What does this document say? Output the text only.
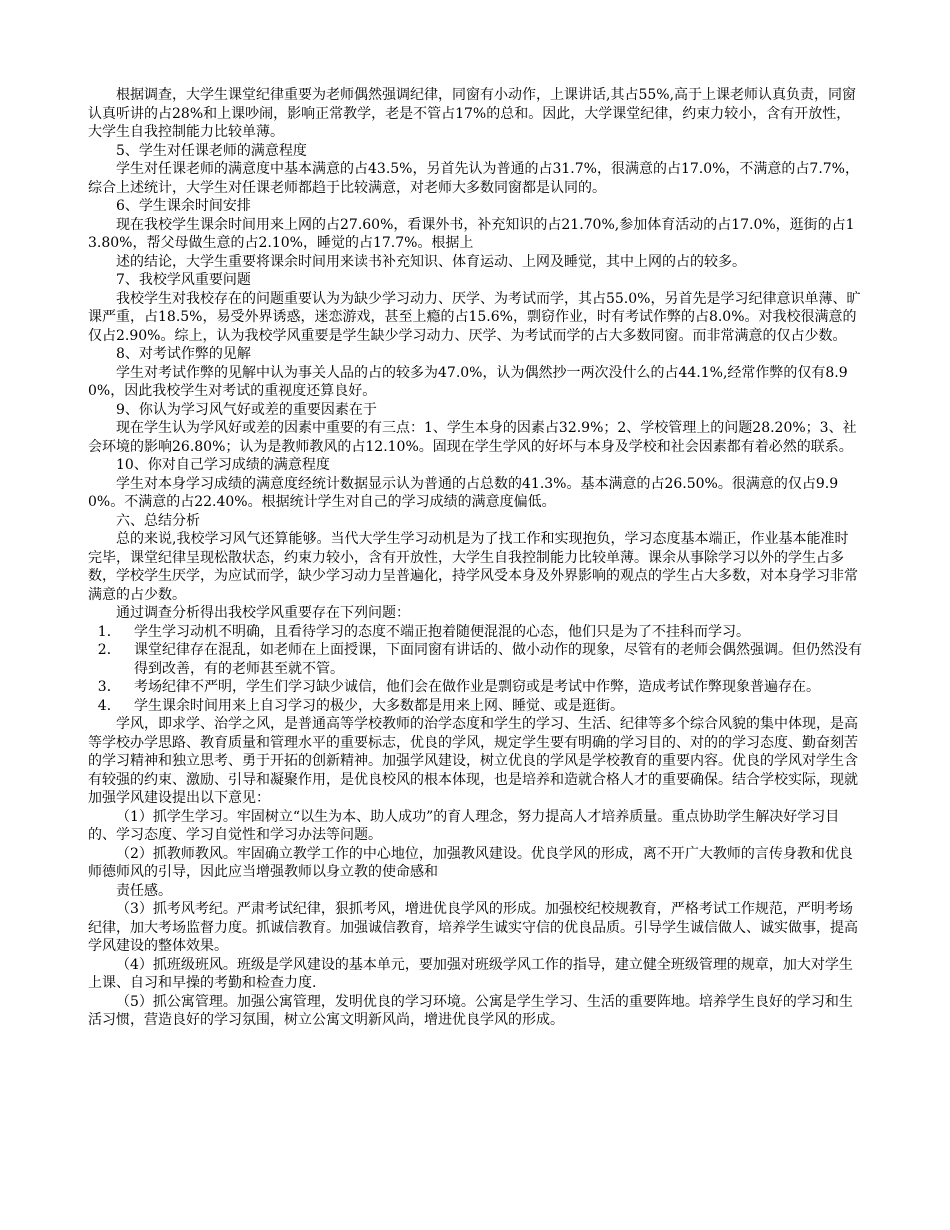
根据调查，大学生课堂纪律重要为老师偶然强调纪律，同窗有小动作，上课讲话,其占55%,高于上课老师认真负责，同窗认真听讲的占28%和上课吵闹，影响正常教学，老是不管占17%的总和。因此，大学课堂纪律，约束力较小，含有开放性，大学生自我控制能力比较单薄。

5、学生对任课老师的满意程度

学生对任课老师的满意度中基本满意的占43.5%，另首先认为普通的占31.7%，很满意的占17.0%，不满意的占7.7%，综合上述统计，大学生对任课老师都趋于比较满意，对老师大多数同窗都是认同的。

6、学生课余时间安排

现在我校学生课余时间用来上网的占27.60%，看课外书，补充知识的占21.70%,参加体育活动的占17.0%，逛街的占13.80%，帮父母做生意的占2.10%，睡觉的占17.7%。根据上

述的结论，大学生重要将课余时间用来读书补充知识、体育运动、上网及睡觉，其中上网的占的较多。

7、我校学风重要问题

我校学生对我校存在的问题重要认为为缺少学习动力、厌学、为考试而学，其占55.0%，另首先是学习纪律意识单薄、旷课严重，占18.5%，易受外界诱惑，迷恋游戏，甚至上瘾的占15.6%，剽窃作业，时有考试作弊的占8.0%。对我校很满意的仅占2.90%。综上，认为我校学风重要是学生缺少学习动力、厌学、为考试而学的占大多数同窗。而非常满意的仅占少数。

8、对考试作弊的见解

学生对考试作弊的见解中认为事关人品的占的较多为47.0%，认为偶然抄一两次没什么的占44.1%,经常作弊的仅有8.90%，因此我校学生对考试的重视度还算良好。

9、你认为学习风气好或差的重要因素在于

现在学生认为学风好或差的因素中重要的有三点：1、学生本身的因素占32.9%；2、学校管理上的问题28.20%；3、社会环境的影响26.80%；认为是教师教风的占12.10%。固现在学生学风的好坏与本身及学校和社会因素都有着必然的联系。

10、你对自己学习成绩的满意程度

学生对本身学习成绩的满意度经统计数据显示认为普通的占总数的41.3%。基本满意的占26.50%。很满意的仅占9.90%。不满意的占22.40%。根据统计学生对自己的学习成绩的满意度偏低。

六、总结分析

总的来说,我校学习风气还算能够。当代大学生学习动机是为了找工作和实现抱负，学习态度基本端正，作业基本能准时完毕，课堂纪律呈现松散状态，约束力较小，含有开放性，大学生自我控制能力比较单薄。课余从事除学习以外的学生占多数，学校学生厌学，为应试而学，缺少学习动力呈普遍化，持学风受本身及外界影响的观点的学生占大多数，对本身学习非常满意的占少数。

通过调查分析得出我校学风重要存在下列问题：

1． 学生学习动机不明确，且看待学习的态度不端正抱着随便混混的心态，他们只是为了不挂科而学习。
2． 课堂纪律存在混乱，如老师在上面授课，下面同窗有讲话的、做小动作的现象，尽管有的老师会偶然强调。但仍然没有得到改善，有的老师甚至就不管。
3． 考场纪律不严明，学生们学习缺少诚信，他们会在做作业是剽窃或是考试中作弊，造成考试作弊现象普遍存在。
4． 学生课余时间用来上自习学习的极少，大多数都是用来上网、睡觉、或是逛街。

学风，即求学、治学之风，是普通高等学校教师的治学态度和学生的学习、生活、纪律等多个综合风貌的集中体现，是高等学校办学思路、教育质量和管理水平的重要标志，优良的学风，规定学生要有明确的学习目的、对的的学习态度、勤奋刻苦的学习精神和独立思考、勇于开拓的创新精神。加强学风建设，树立优良的学风是学校教育的重要内容。优良的学风对学生含有较强的约束、激励、引导和凝聚作用，是优良校风的根本体现，也是培养和造就合格人才的重要确保。结合学校实际，现就加强学风建设提出以下意见：

（1）抓学生学习。牢固树立“以生为本、助人成功”的育人理念，努力提高人才培养质量。重点协助学生解决好学习目的、学习态度、学习自觉性和学习办法等问题。

（2）抓教师教风。牢固确立教学工作的中心地位，加强教风建设。优良学风的形成，离不开广大教师的言传身教和优良师德师风的引导，因此应当增强教师以身立教的使命感和

责任感。

（3）抓考风考纪。严肃考试纪律，狠抓考风，增进优良学风的形成。加强校纪校规教育，严格考试工作规范，严明考场纪律，加大考场监督力度。抓诚信教育。加强诚信教育，培养学生诚实守信的优良品质。引导学生诚信做人、诚实做事，提高学风建设的整体效果。

（4）抓班级班风。班级是学风建设的基本单元，要加强对班级学风工作的指导，建立健全班级管理的规章，加大对学生上课、自习和早操的考勤和检查力度.

（5）抓公寓管理。加强公寓管理，发明优良的学习环境。公寓是学生学习、生活的重要阵地。培养学生良好的学习和生活习惯，营造良好的学习氛围，树立公寓文明新风尚，增进优良学风的形成。
